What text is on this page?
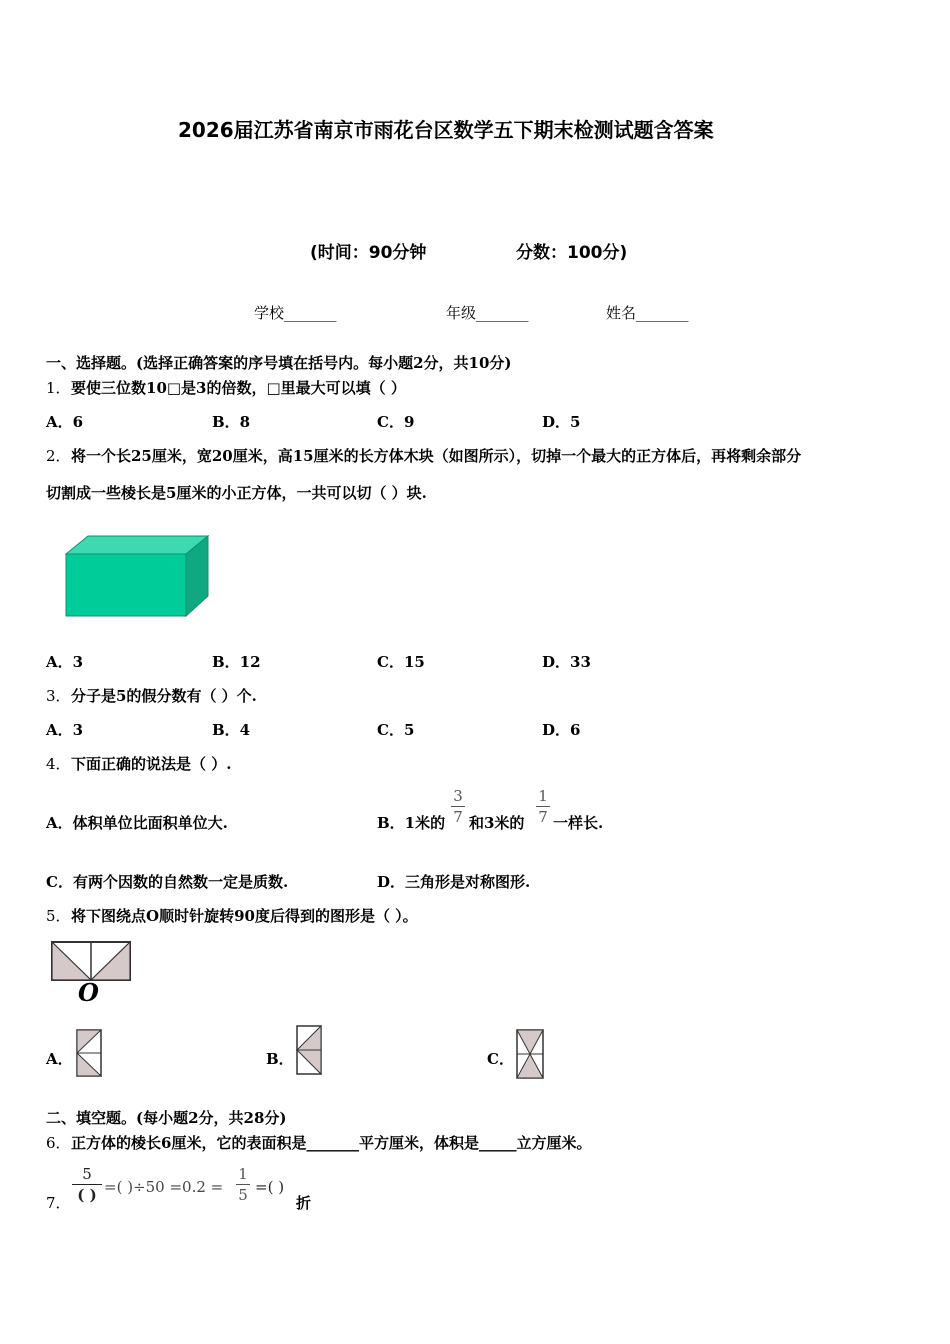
2026届江苏省南京市雨花台区数学五下期末检测试题含答案
(时间：90分钟	分数：100分)
学校_______	年级_______	姓名_______
一、选择题。(选择正确答案的序号填在括号内。每小题2分，共10分)
1． 要使三位数10□是3的倍数，□里最大可以填（ ）
A．6	B．8	C．9	D．5
2． 将一个长25厘米，宽20厘米，高15厘米的长方体木块（如图所示），切掉一个最大的正方体后，再将剩余部分
切割成一些棱长是5厘米的小正方体，一共可以切（ ）块.
A．3	B．12	C．15	D．33
3． 分子是5的假分数有（ ）个.
A．3	B．4	C．5	D．6
4． 下面正确的说法是（ ）.
A．体积单位比面积单位大.	B．1米的
3
7 和3米的
1
7 一样长.
C．有两个因数的自然数一定是质数.	D．三角形是对称图形.
5． 将下图绕点O顺时针旋转90度后得到的图形是（ ）。
O
A．	B．	C．
二、填空题。(每小题2分，共28分)
6． 正方体的棱长6厘米，它的表面积是_______平方厘米，体积是_____立方厘米。
7．
5
( ) =( )÷50 =0.2 =
1
5 =( )
折
